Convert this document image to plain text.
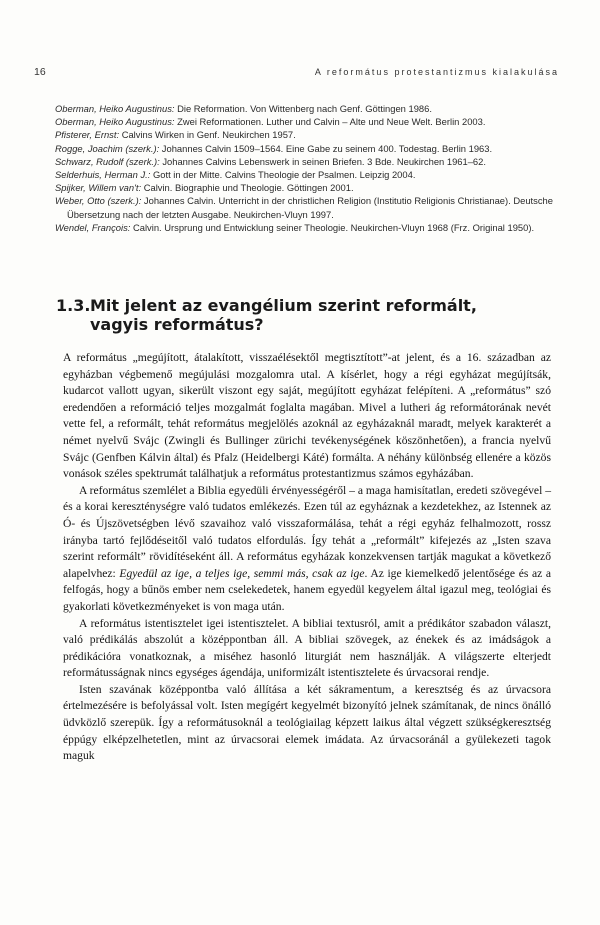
16	A református protestantizmus kialakulása

Oberman, Heiko Augustinus: Die Reformation. Von Wittenberg nach Genf. Göttingen 1986.

Oberman, Heiko Augustinus: Zwei Reformationen. Luther und Calvin – Alte und Neue Welt. Berlin 2003.

Pfisterer, Ernst: Calvins Wirken in Genf. Neukirchen 1957.

Rogge, Joachim (szerk.): Johannes Calvin 1509–1564. Eine Gabe zu seinem 400. Todestag. Berlin 1963.

Schwarz, Rudolf (szerk.): Johannes Calvins Lebenswerk in seinen Briefen. 3 Bde. Neukirchen 1961–62.

Selderhuis, Herman J.: Gott in der Mitte. Calvins Theologie der Psalmen. Leipzig 2004.

Spijker, Willem van't: Calvin. Biographie und Theologie. Göttingen 2001.

Weber, Otto (szerk.): Johannes Calvin. Unterricht in der christlichen Religion (Institutio Religionis Christianae). Deutsche Übersetzung nach der letzten Ausgabe. Neukirchen-Vluyn 1997.

Wendel, François: Calvin. Ursprung und Entwicklung seiner Theologie. Neukirchen-Vluyn 1968 (Frz. Original 1950).

1.3.Mit jelent az evangélium szerint reformált,
vagyis református?

A református „megújított, átalakított, visszaélésektől megtisztított”-at jelent, és a 16. században az egyházban végbemenő megújulási mozgalomra utal. A kísérlet, hogy a régi egyházat megújítsák, kudarcot vallott ugyan, sikerült viszont egy saját, megújított egyházat felépíteni. A „református” szó eredendően a reformáció teljes mozgalmát foglalta magában. Mivel a lutheri ág reformátorának nevét vette fel, a reformált, tehát református megjelölés azoknál az egyházaknál maradt, melyek karakterét a német nyelvű Svájc (Zwingli és Bullinger zürichi tevékenységének köszönhetően), a francia nyelvű Svájc (Genfben Kálvin által) és Pfalz (Heidelbergi Káté) formálta. A néhány különbség ellenére a közös vonások széles spektrumát találhatjuk a református protestantizmus számos egyházában.

A református szemlélet a Biblia egyedüli érvényességéről – a maga hamisítatlan, eredeti szövegével – és a korai kereszténységre való tudatos emlékezés. Ezen túl az egyháznak a kezdetekhez, az Istennek az Ó- és Újszövetségben lévő szavaihoz való visszaformálása, tehát a régi egyház felhalmozott, rossz irányba tartó fejlődéseitől való tudatos elfordulás. Így tehát a „reformált” kifejezés az „Isten szava szerint reformált” rövidítéseként áll. A református egyházak konzekvensen tartják magukat a következő alapelvhez: Egyedül az ige, a teljes ige, semmi más, csak az ige. Az ige kiemelkedő jelentősége és az a felfogás, hogy a bűnös ember nem cselekedetek, hanem egyedül kegyelem által igazul meg, teológiai és gyakorlati következményeket is von maga után.

A református istentisztelet igei istentisztelet. A bibliai textusról, amit a prédikátor szabadon választ, való prédikálás abszolút a középpontban áll. A bibliai szövegek, az énekek és az imádságok a prédikációra vonatkoznak, a miséhez hasonló liturgiát nem használják. A világszerte elterjedt reformátusságnak nincs egységes ágendája, uniformizált istentisztelete és úrvacsorai rendje.

Isten szavának középpontba való állítása a két sákramentum, a keresztség és az úrvacsora értelmezésére is befolyással volt. Isten megígért kegyelmét bizonyító jelnek számítanak, de nincs önálló üdvközlő szerepük. Így a reformátusoknál a teológiailag képzett laikus által végzett szükségkeresztség éppúgy elképzelhetetlen, mint az úrvacsorai elemek imádata. Az úrvacsoránál a gyülekezeti tagok maguk
